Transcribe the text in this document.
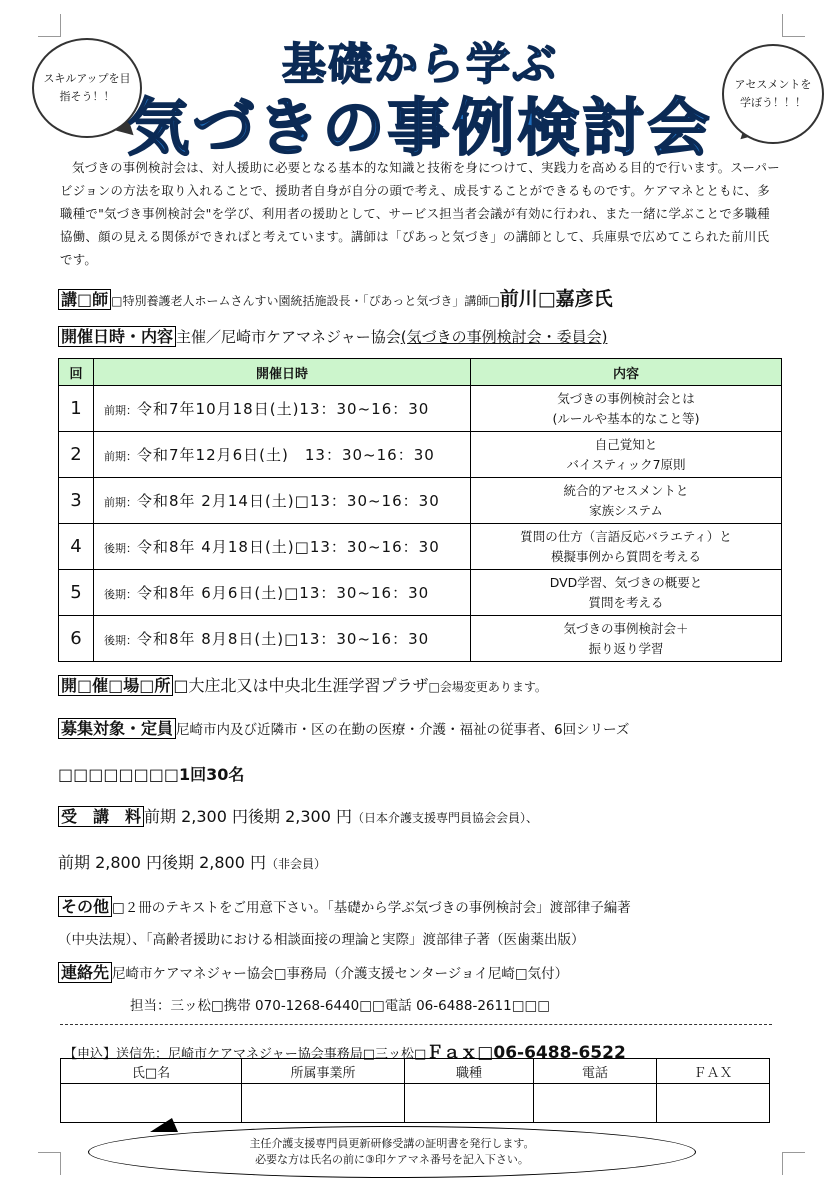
スキルアップを目指そう！！
アセスメントを学ぼう！！！
基礎から学ぶ
気づきの事例検討会
気づきの事例検討会は、対人援助に必要となる基本的な知識と技術を身につけて、実践力を高める目的で行います。スーパービジョンの方法を取り入れることで、援助者自身が自分の頭で考え、成長することができるものです。ケアマネとともに、多職種で"気づき事例検討会"を学び、利用者の援助として、サービス担当者会議が有効に行われ、また一緒に学ぶことで多職種協働、顔の見える関係ができればと考えています。講師は「ぴあっと気づき」の講師として、兵庫県で広めてこられた前川氏です。
講□師 □特別養護老人ホームさんすい園統括施設長・「ぴあっと気づき」講師□前川□嘉彦氏
開催日時・内容 主催／尼崎市ケアマネジャー協会(気づきの事例検討会・委員会)
回	開催日時	内容
1	前期：令和7年10月18日(土)13：30~16：30	気づきの事例検討会とは
(ルールや基本的なこと等)

2	前期：令和7年12月6日(土)　13：30~16：30	自己覚知と
バイスティック7原則

3	前期：令和8年 2月14日(土)□13：30~16：30	統合的アセスメントと
家族システム

4	後期：令和8年 4月18日(土)□13：30~16：30	質問の仕方（言語反応バラエティ）と
模擬事例から質問を考える

5	後期：令和8年 6月6日(土)□13：30~16：30	DVD学習、気づきの概要と
質問を考える

6	後期：令和8年 8月8日(土)□13：30~16：30	気づきの事例検討会＋
振り返り学習
開□催□場□所 □大庄北又は中央北生涯学習プラザ□会場変更あります。
募集対象・定員 尼崎市内及び近隣市・区の在勤の医療・介護・福祉の従事者、6回シリーズ
□□□□□□□□1回30名
受　講　料 前期 2,300 円後期 2,300 円（日本介護支援専門員協会会員）、
前期 2,800 円後期 2,800 円（非会員）
その他 □２冊のテキストをご用意下さい。「基礎から学ぶ気づきの事例検討会」渡部律子編著
（中央法規）、「高齢者援助における相談面接の理論と実際」渡部律子著（医歯薬出版）
連絡先 尼崎市ケアマネジャー協会□事務局（介護支援センタージョイ尼崎□気付）
担当：三ッ松□携帯 070-1268-6440□□電話 06-6488-2611□□□
【申込】送信先：尼崎市ケアマネジャー協会事務局□三ッ松□Ｆａｘ□06-6488-6522
氏□名	所属事業所	職種	電話	ＦＡＸ

主任介護支援専門員更新研修受講の証明書を発行します。
必要な方は氏名の前に③印ケアマネ番号を記入下さい。
